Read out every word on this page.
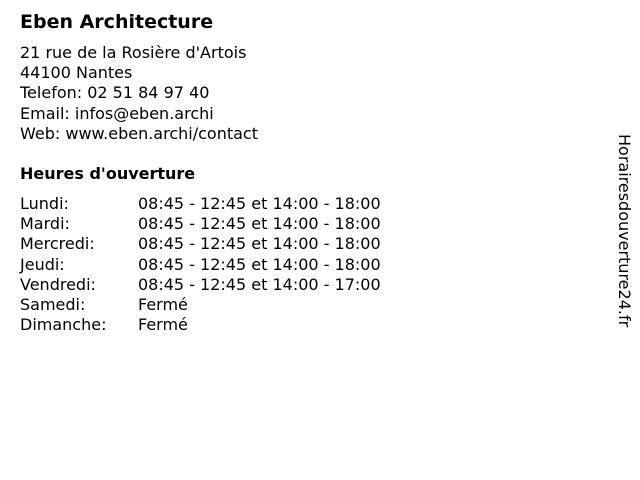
Eben Architecture
21 rue de la Rosière d'Artois
44100 Nantes
Telefon: 02 51 84 97 40
Email: infos@eben.archi
Web: www.eben.archi/contact
Heures d'ouverture
Lundi:	08:45 - 12:45 et 14:00 - 18:00
Mardi:	08:45 - 12:45 et 14:00 - 18:00
Mercredi:	08:45 - 12:45 et 14:00 - 18:00
Jeudi:	08:45 - 12:45 et 14:00 - 18:00
Vendredi:	08:45 - 12:45 et 14:00 - 17:00
Samedi:	Fermé
Dimanche:	Fermé	Horairesdouverture24.fr
